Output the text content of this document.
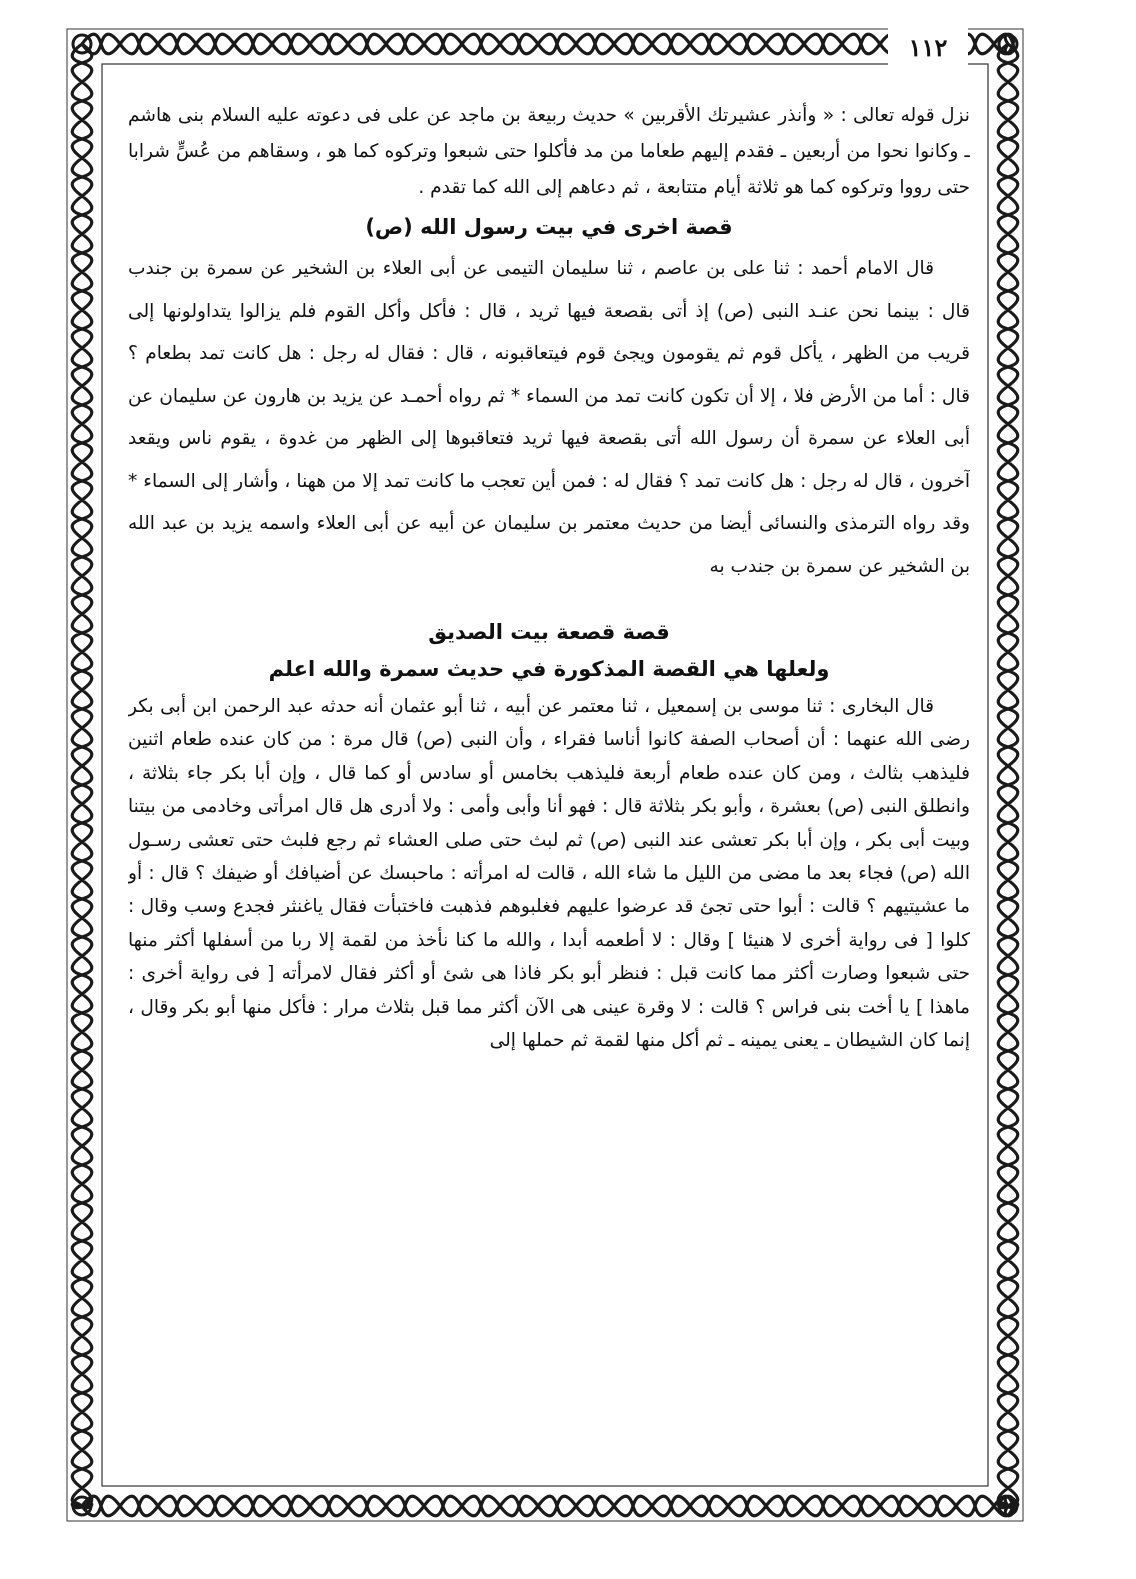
١١٢

نزل قوله تعالى : « وأنذر عشيرتك الأقربين » حديث ربيعة بن ماجد عن على فى دعوته عليه السلام بنى هاشم ـ وكانوا نحوا من أربعين ـ فقدم إليهم طعاما من مد فأكلوا حتى شبعوا وتركوه كما هو ، وسقاهم من عُسٍّ شرابا حتى رووا وتركوه كما هو ثلاثة أيام متتابعة ، ثم دعاهم إلى الله كما تقدم .

قصة اخرى في بيت رسول الله (ص)

قال الامام أحمد : ثنا على بن عاصم ، ثنا سليمان التيمى عن أبى العلاء بن الشخير عن سمرة بن جندب قال : بينما نحن عنـد النبى (ص) إذ أتى بقصعة فيها ثريد ، قال : فأكل وأكل القوم فلم يزالوا يتداولونها إلى قريب من الظهر ، يأكل قوم ثم يقومون ويجئ قوم فيتعاقبونه ، قال : فقال له رجل : هل كانت تمد بطعام ؟ قال : أما من الأرض فلا ، إلا أن تكون كانت تمد من السماء * ثم رواه أحمـد عن يزيد بن هارون عن سليمان عن أبى العلاء عن سمرة أن رسول الله أتى بقصعة فيها ثريد فتعاقبوها إلى الظهر من غدوة ، يقوم ناس ويقعد آخرون ، قال له رجل : هل كانت تمد ؟ فقال له : فمن أين تعجب ما كانت تمد إلا من ههنا ، وأشار إلى السماء * وقد رواه الترمذى والنسائى أيضا من حديث معتمر بن سليمان عن أبيه عن أبى العلاء واسمه يزيد بن عبد الله بن الشخير عن سمرة بن جندب به

قصة قصعة بيت الصديق
ولعلها هي القصة المذكورة في حديث سمرة والله اعلم

قال البخارى : ثنا موسى بن إسمعيل ، ثنا معتمر عن أبيه ، ثنا أبو عثمان أنه حدثه عبد الرحمن ابن أبى بكر رضى الله عنهما : أن أصحاب الصفة كانوا أناسا فقراء ، وأن النبى (ص) قال مرة : من كان عنده طعام اثنين فليذهب بثالث ، ومن كان عنده طعام أربعة فليذهب بخامس أو سادس أو كما قال ، وإن أبا بكر جاء بثلاثة ، وانطلق النبى (ص) بعشرة ، وأبو بكر بثلاثة قال : فهو أنا وأبى وأمى : ولا أدرى هل قال امرأتى وخادمى من بيتنا وبيت أبى بكر ، وإن أبا بكر تعشى عند النبى (ص) ثم لبث حتى صلى العشاء ثم رجع فلبث حتى تعشى رسـول الله (ص) فجاء بعد ما مضى من الليل ما شاء الله ، قالت له امرأته : ماحبسك عن أضيافك أو ضيفك ؟ قال : أو ما عشيتيهم ؟ قالت : أبوا حتى تجئ قد عرضوا عليهم فغلبوهم فذهبت فاختبأت فقال ياغنثر فجدع وسب وقال : كلوا [ فى رواية أخرى لا هنيئا ] وقال : لا أطعمه أبدا ، والله ما كنا نأخذ من لقمة إلا ربا من أسفلها أكثر منها حتى شبعوا وصارت أكثر مما كانت قبل : فنظر أبو بكر فاذا هى شئ أو أكثر فقال لامرأته [ فى رواية أخرى : ماهذا ] يا أخت بنى فراس ؟ قالت : لا وقرة عينى هى الآن أكثر مما قبل بثلاث مرار : فأكل منها أبو بكر وقال ، إنما كان الشيطان ـ يعنى يمينه ـ ثم أكل منها لقمة ثم حملها إلى
